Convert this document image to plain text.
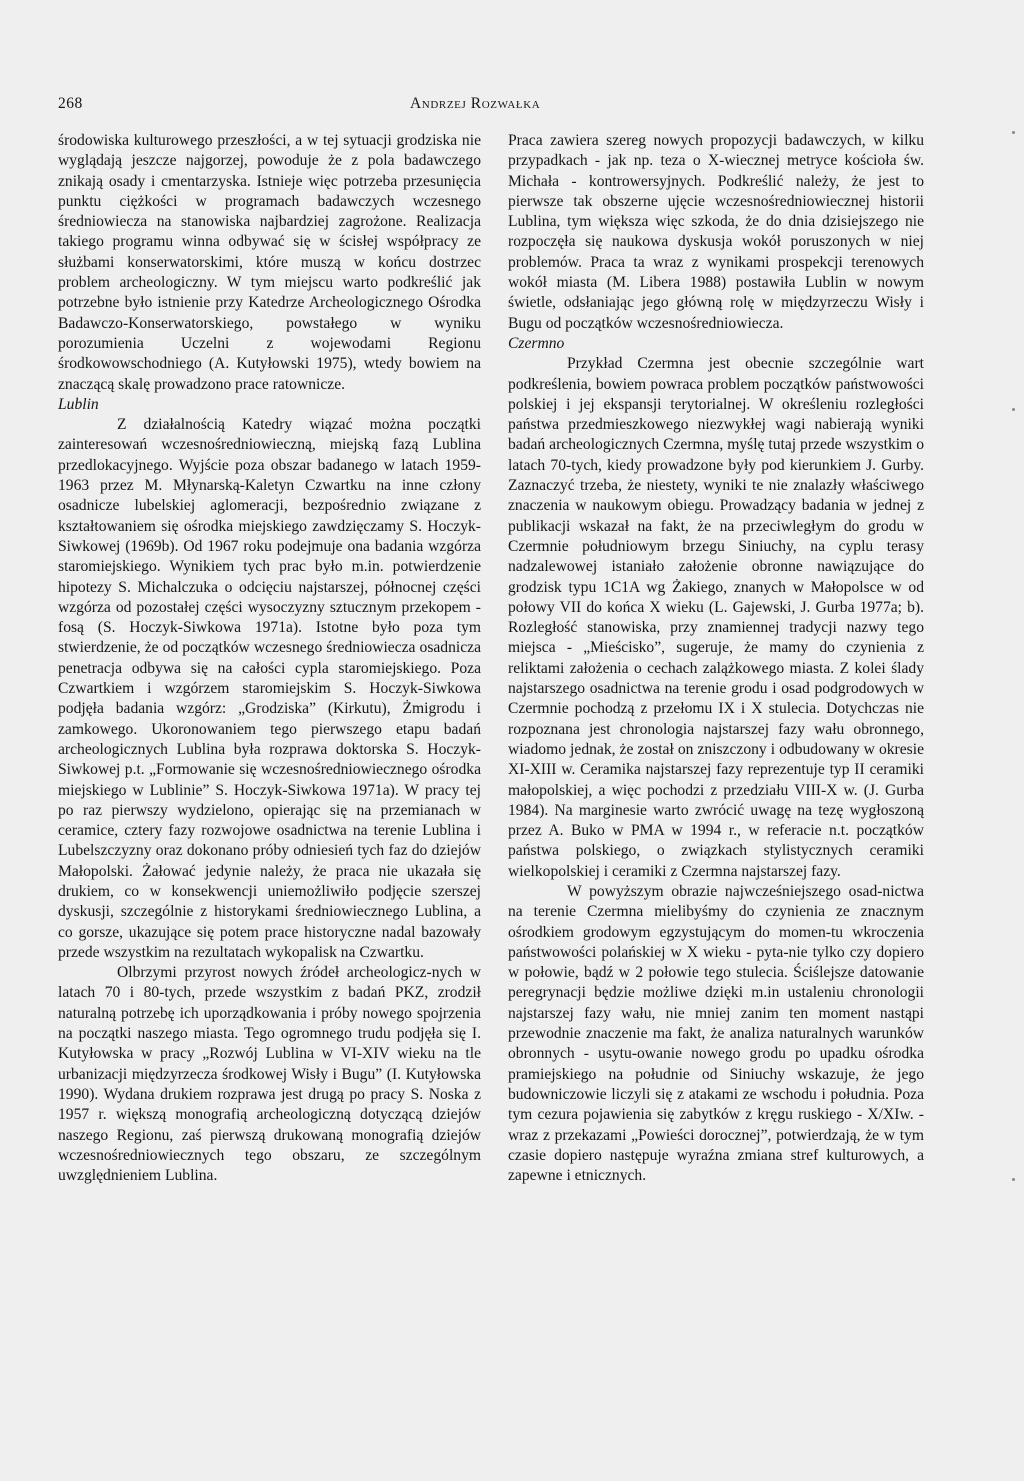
268	Andrzej Rozwałka

środowiska kulturowego przeszłości, a w tej sytuacji grodziska nie wyglądają jeszcze najgorzej, powoduje że z pola badawczego znikają osady i cmentarzyska. Istnieje więc potrzeba przesunięcia punktu ciężkości w programach badawczych wczesnego średniowiecza na stanowiska najbardziej zagrożone. Realizacja takiego programu winna odbywać się w ścisłej współpracy ze służbami konserwatorskimi, które muszą w końcu dostrzec problem archeologiczny. W tym miejscu warto podkreślić jak potrzebne było istnienie przy Katedrze Archeologicznego Ośrodka Badawczo-Konserwatorskiego, powstałego w wyniku porozumienia Uczelni z wojewodami Regionu środkowowschodniego (A. Kutyłowski 1975), wtedy bowiem na znaczącą skalę prowadzono prace ratownicze.

Lublin

Z działalnością Katedry wiązać można początki zainteresowań wczesnośredniowieczną, miejską fazą Lublina przedlokacyjnego. Wyjście poza obszar badanego w latach 1959-1963 przez M. Młynarską-Kaletyn Czwartku na inne człony osadnicze lubelskiej aglomeracji, bezpośrednio związane z kształtowaniem się ośrodka miejskiego zawdzięczamy S. Hoczyk-Siwkowej (1969b). Od 1967 roku podejmuje ona badania wzgórza staromiejskiego. Wynikiem tych prac było m.in. potwierdzenie hipotezy S. Michalczuka o odcięciu najstarszej, północnej części wzgórza od pozostałej części wysoczyzny sztucznym przekopem - fosą (S. Hoczyk-Siwkowa 1971a). Istotne było poza tym stwierdzenie, że od początków wczesnego średniowiecza osadnicza penetracja odbywa się na całości cypla staromiejskiego. Poza Czwartkiem i wzgórzem staromiejskim S. Hoczyk-Siwkowa podjęła badania wzgórz: „Grodziska” (Kirkutu), Żmigrodu i zamkowego. Ukoronowaniem tego pierwszego etapu badań archeologicznych Lublina była rozprawa doktorska S. Hoczyk-Siwkowej p.t. „Formowanie się wczesnośredniowiecznego ośrodka miejskiego w Lublinie” S. Hoczyk-Siwkowa 1971a). W pracy tej po raz pierwszy wydzielono, opierając się na przemianach w ceramice, cztery fazy rozwojowe osadnictwa na terenie Lublina i Lubelszczyzny oraz dokonano próby odniesień tych faz do dziejów Małopolski. Żałować jedynie należy, że praca nie ukazała się drukiem, co w konsekwencji uniemożliwiło podjęcie szerszej dyskusji, szczególnie z historykami średniowiecznego Lublina, a co gorsze, ukazujące się potem prace historyczne nadal bazowały przede wszystkim na rezultatach wykopalisk na Czwartku.

Olbrzymi przyrost nowych źródeł archeologicz-nych w latach 70 i 80-tych, przede wszystkim z badań PKZ, zrodził naturalną potrzebę ich uporządkowania i próby nowego spojrzenia na początki naszego miasta. Tego ogromnego trudu podjęła się I. Kutyłowska w pracy „Rozwój Lublina w VI-XIV wieku na tle urbanizacji międzyrzecza środkowej Wisły i Bugu” (I. Kutyłowska 1990). Wydana drukiem rozprawa jest drugą po pracy S. Noska z 1957 r. większą monografią archeologiczną dotyczącą dziejów naszego Regionu, zaś pierwszą drukowaną monografią dziejów wczesnośredniowiecznych tego obszaru, ze szczególnym uwzględnieniem Lublina.

Praca zawiera szereg nowych propozycji badawczych, w kilku przypadkach - jak np. teza o X-wiecznej metryce kościoła św. Michała - kontrowersyjnych. Podkreślić należy, że jest to pierwsze tak obszerne ujęcie wczesnośredniowiecznej historii Lublina, tym większa więc szkoda, że do dnia dzisiejszego nie rozpoczęła się naukowa dyskusja wokół poruszonych w niej problemów. Praca ta wraz z wynikami prospekcji terenowych wokół miasta (M. Libera 1988) postawiła Lublin w nowym świetle, odsłaniając jego główną rolę w międzyrzeczu Wisły i Bugu od początków wczesnośredniowiecza.

Czermno

Przykład Czermna jest obecnie szczególnie wart podkreślenia, bowiem powraca problem początków państwowości polskiej i jej ekspansji terytorialnej. W określeniu rozległości państwa przedmieszkowego niezwykłej wagi nabierają wyniki badań archeologicznych Czermna, myślę tutaj przede wszystkim o latach 70-tych, kiedy prowadzone były pod kierunkiem J. Gurby. Zaznaczyć trzeba, że niestety, wyniki te nie znalazły właściwego znaczenia w naukowym obiegu. Prowadzący badania w jednej z publikacji wskazał na fakt, że na przeciwległym do grodu w Czermnie południowym brzegu Siniuchy, na cyplu terasy nadzalewowej istaniało założenie obronne nawiązujące do grodzisk typu 1C1A wg Żakiego, znanych w Małopolsce w od połowy VII do końca X wieku (L. Gajewski, J. Gurba 1977a; b). Rozległość stanowiska, przy znamiennej tradycji nazwy tego miejsca - „Mieścisko”, sugeruje, że mamy do czynienia z reliktami założenia o cechach zalążkowego miasta. Z kolei ślady najstarszego osadnictwa na terenie grodu i osad podgrodowych w Czermnie pochodzą z przełomu IX i X stulecia. Dotychczas nie rozpoznana jest chronologia najstarszej fazy wału obronnego, wiadomo jednak, że został on zniszczony i odbudowany w okresie XI-XIII w. Ceramika najstarszej fazy reprezentuje typ II ceramiki małopolskiej, a więc pochodzi z przedziału VIII-X w. (J. Gurba 1984). Na marginesie warto zwrócić uwagę na tezę wygłoszoną przez A. Buko w PMA w 1994 r., w referacie n.t. początków państwa polskiego, o związkach stylistycznych ceramiki wielkopolskiej i ceramiki z Czermna najstarszej fazy.

W powyższym obrazie najwcześniejszego osad-nictwa na terenie Czermna mielibyśmy do czynienia ze znacznym ośrodkiem grodowym egzystującym do momen-tu wkroczenia państwowości polańskiej w X wieku - pyta-nie tylko czy dopiero w połowie, bądź w 2 połowie tego stulecia. Ściślejsze datowanie peregrynacji będzie możliwe dzięki m.in ustaleniu chronologii najstarszej fazy wału, nie mniej zanim ten moment nastąpi przewodnie znaczenie ma fakt, że analiza naturalnych warunków obronnych - usytu-owanie nowego grodu po upadku ośrodka pramiejskiego na południe od Siniuchy wskazuje, że jego budowniczowie liczyli się z atakami ze wschodu i południa. Poza tym cezura pojawienia się zabytków z kręgu ruskiego - X/XIw. - wraz z przekazami „Powieści dorocznej”, potwierdzają, że w tym czasie dopiero następuje wyraźna zmiana stref kulturowych, a zapewne i etnicznych.
